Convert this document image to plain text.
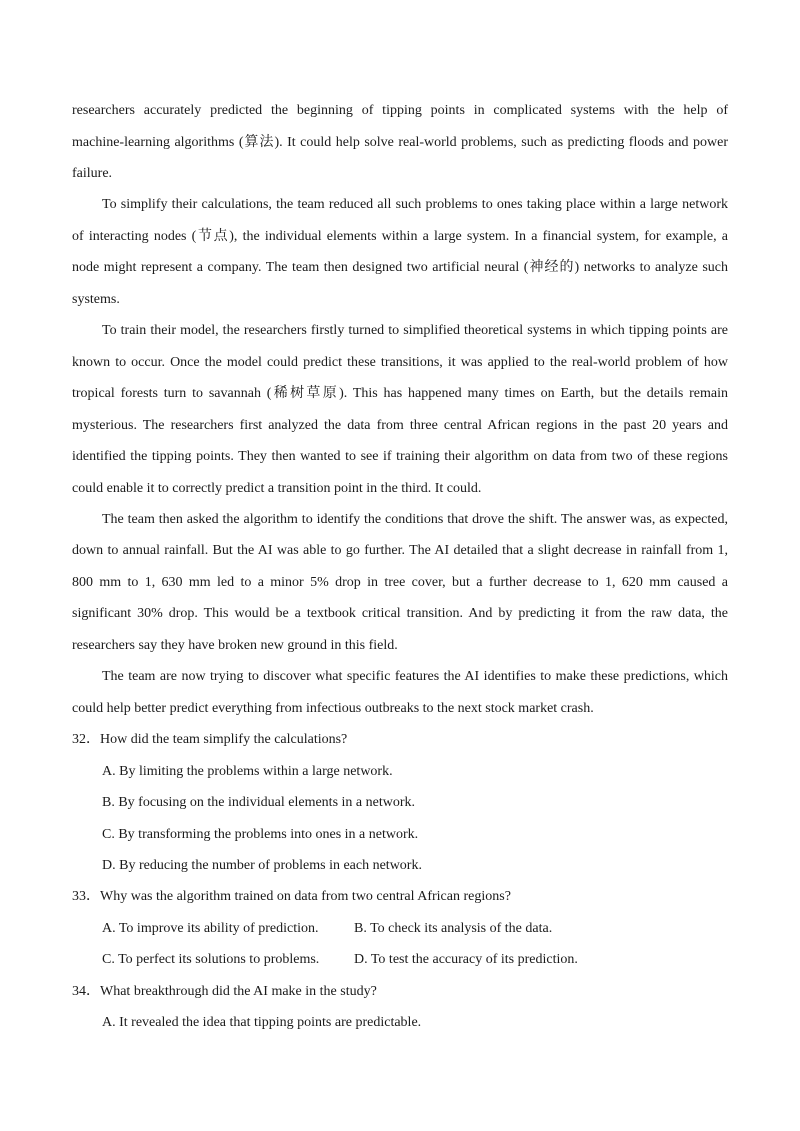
researchers accurately predicted the beginning of tipping points in complicated systems with the help of
machine-learning algorithms (算法). It could help solve real-world problems, such as predicting floods and power
failure.
To simplify their calculations, the team reduced all such problems to ones taking place within a large network
of interacting nodes (节点), the individual elements within a large system. In a financial system, for example, a
node might represent a company. The team then designed two artificial neural (神经的) networks to analyze such
systems.
To train their model, the researchers firstly turned to simplified theoretical systems in which tipping points are
known to occur. Once the model could predict these transitions, it was applied to the real-world problem of how
tropical forests turn to savannah (稀树草原). This has happened many times on Earth, but the details remain
mysterious. The researchers first analyzed the data from three central African regions in the past 20 years and
identified the tipping points. They then wanted to see if training their algorithm on data from two of these regions
could enable it to correctly predict a transition point in the third. It could.
The team then asked the algorithm to identify the conditions that drove the shift. The answer was, as expected,
down to annual rainfall. But the AI was able to go further. The AI detailed that a slight decrease in rainfall from 1,
800 mm to 1, 630 mm led to a minor 5% drop in tree cover, but a further decrease to 1, 620 mm caused a
significant 30% drop. This would be a textbook critical transition. And by predicting it from the raw data, the
researchers say they have broken new ground in this field.
The team are now trying to discover what specific features the AI identifies to make these predictions, which
could help better predict everything from infectious outbreaks to the next stock market crash.
32．How did the team simplify the calculations?
A. By limiting the problems within a large network.
B. By focusing on the individual elements in a network.
C. By transforming the problems into ones in a network.
D. By reducing the number of problems in each network.
33．Why was the algorithm trained on data from two central African regions?
A. To improve its ability of prediction.	B. To check its analysis of the data.
C. To perfect its solutions to problems.	D. To test the accuracy of its prediction.
34．What breakthrough did the AI make in the study?
A. It revealed the idea that tipping points are predictable.
